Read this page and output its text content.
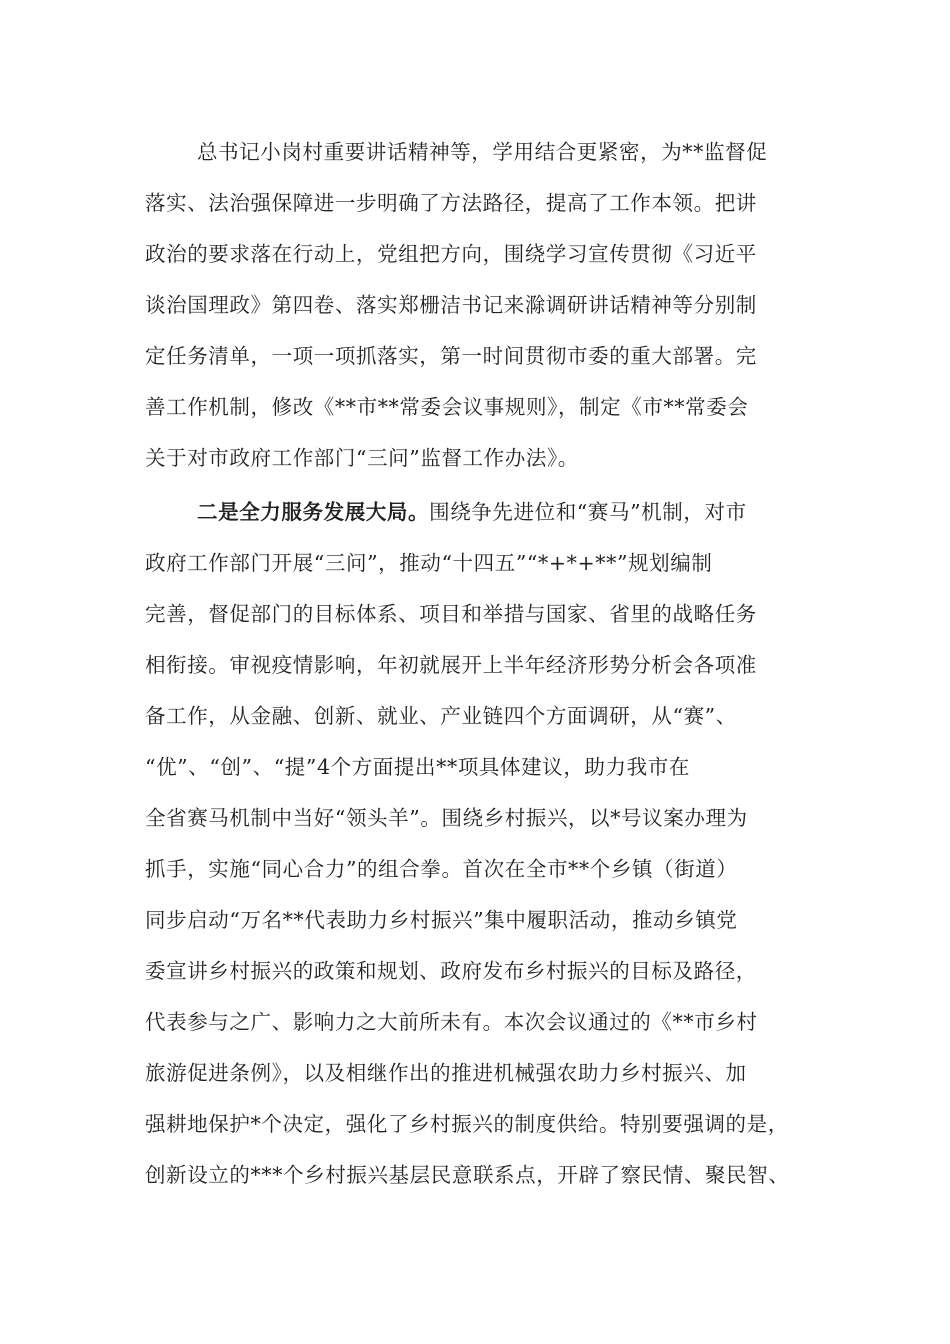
总书记小岗村重要讲话精神等，学用结合更紧密，为**监督促
落实、法治强保障进一步明确了方法路径，提高了工作本领。把讲
政治的要求落在行动上，党组把方向，围绕学习宣传贯彻《习近平
谈治国理政》第四卷、落实郑栅洁书记来滁调研讲话精神等分别制
定任务清单，一项一项抓落实，第一时间贯彻市委的重大部署。完
善工作机制，修改《**市**常委会议事规则》，制定《市**常委会
关于对市政府工作部门“三问”监督工作办法》。
二是全力服务发展大局。围绕争先进位和“赛马”机制，对市
政府工作部门开展“三问”，推动“十四五”“*+*+**”规划编制
完善，督促部门的目标体系、项目和举措与国家、省里的战略任务
相衔接。审视疫情影响，年初就展开上半年经济形势分析会各项准
备工作，从金融、创新、就业、产业链四个方面调研，从“赛”、
“优”、“创”、“提”4个方面提出**项具体建议，助力我市在
全省赛马机制中当好“领头羊”。围绕乡村振兴，以*号议案办理为
抓手，实施“同心合力”的组合拳。首次在全市**个乡镇（街道）
同步启动“万名**代表助力乡村振兴”集中履职活动，推动乡镇党
委宣讲乡村振兴的政策和规划、政府发布乡村振兴的目标及路径，
代表参与之广、影响力之大前所未有。本次会议通过的《**市乡村
旅游促进条例》，以及相继作出的推进机械强农助力乡村振兴、加
强耕地保护*个决定，强化了乡村振兴的制度供给。特别要强调的是，
创新设立的***个乡村振兴基层民意联系点，开辟了察民情、聚民智、
